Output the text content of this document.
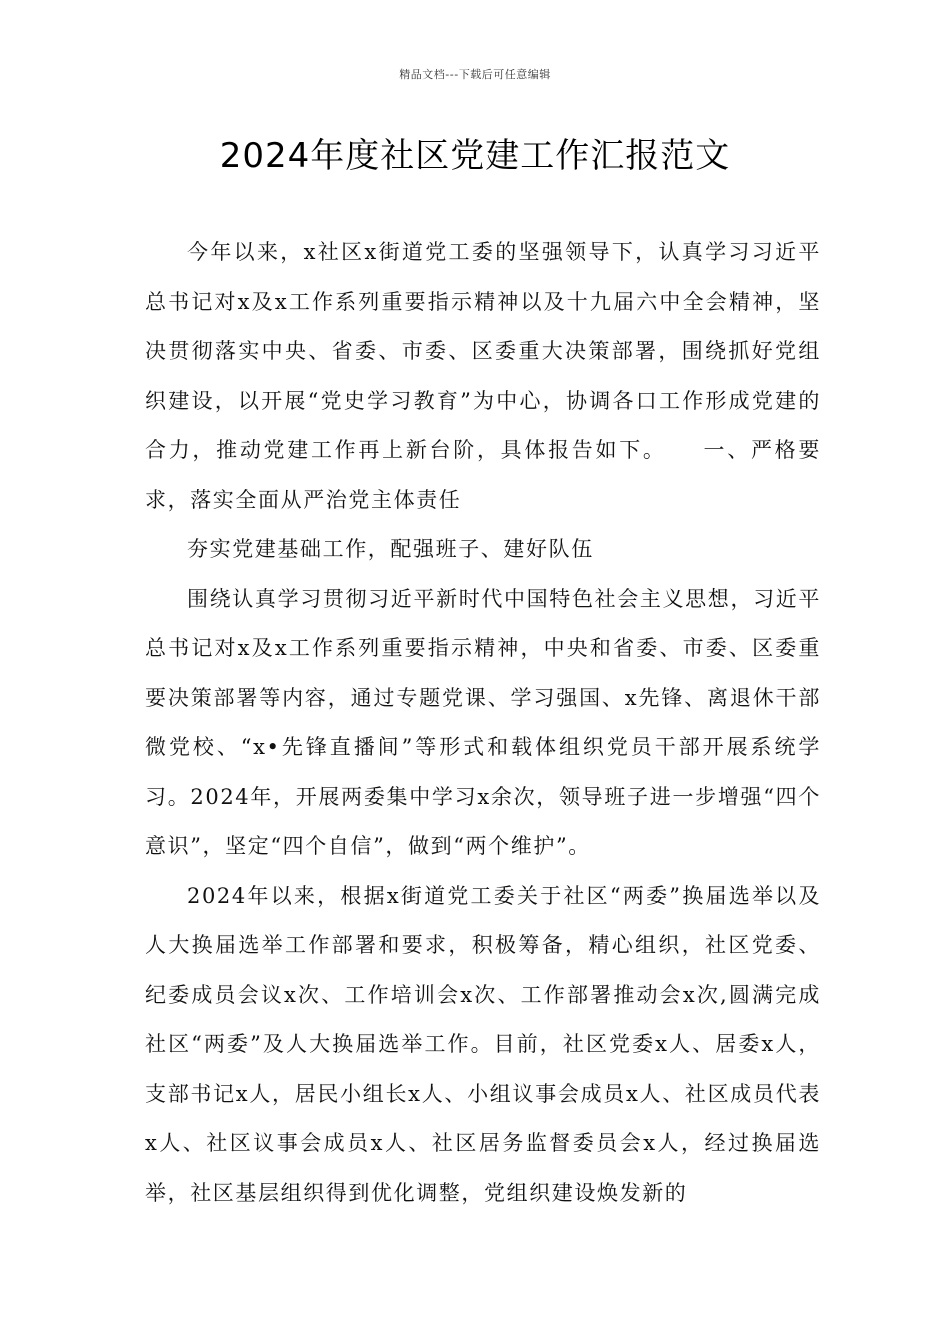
精品文档---下载后可任意编辑
2024年度社区党建工作汇报范文

今年以来，x社区x街道党工委的坚强领导下，认真学习习近平总书记对x及x工作系列重要指示精神以及十九届六中全会精神，坚决贯彻落实中央、省委、市委、区委重大决策部署，围绕抓好党组织建设，以开展“党史学习教育”为中心，协调各口工作形成党建的合力，推动党建工作再上新台阶，具体报告如下。　　一、严格要求，落实全面从严治党主体责任

夯实党建基础工作，配强班子、建好队伍

围绕认真学习贯彻习近平新时代中国特色社会主义思想，习近平总书记对x及x工作系列重要指示精神，中央和省委、市委、区委重要决策部署等内容，通过专题党课、学习强国、x先锋、离退休干部微党校、“x•先锋直播间”等形式和载体组织党员干部开展系统学习。2024年，开展两委集中学习x余次，领导班子进一步增强“四个意识”，坚定“四个自信”，做到“两个维护”。

2024年以来，根据x街道党工委关于社区“两委”换届选举以及人大换届选举工作部署和要求，积极筹备，精心组织，社区党委、纪委成员会议x次、工作培训会x次、工作部署推动会x次,圆满完成社区“两委”及人大换届选举工作。目前，社区党委x人、居委x人，支部书记x人，居民小组长x人、小组议事会成员x人、社区成员代表x人、社区议事会成员x人、社区居务监督委员会x人，经过换届选举，社区基层组织得到优化调整，党组织建设焕发新的
